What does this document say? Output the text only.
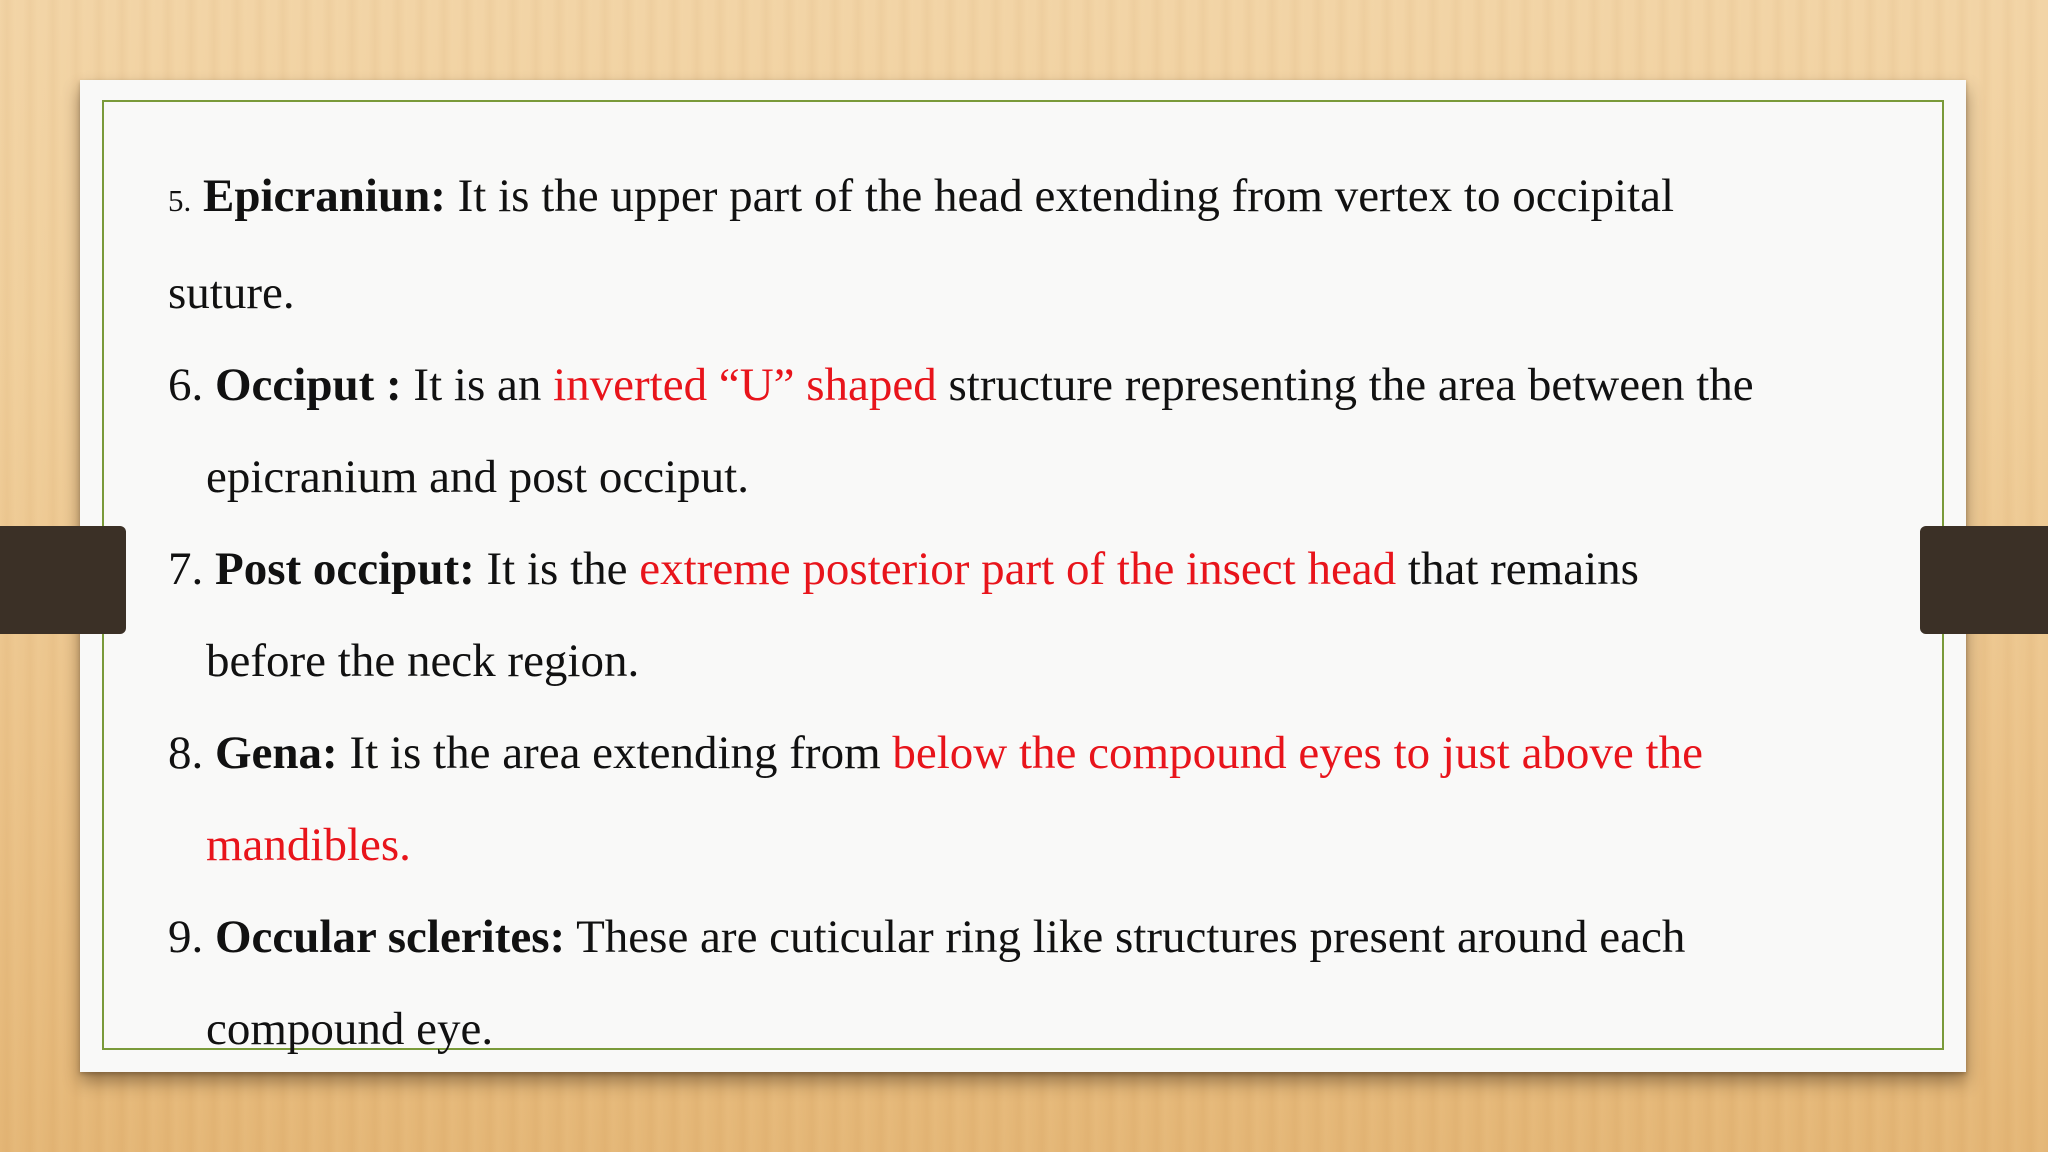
5. Epicraniun: It is the upper part of the head extending from vertex to occipital
suture.
6. Occiput : It is an inverted “U” shaped structure representing the area between the
epicranium and post occiput.
7. Post occiput: It is the extreme posterior part of the insect head that remains
before the neck region.
8. Gena: It is the area extending from below the compound eyes to just above the
mandibles.
9. Occular sclerites: These are cuticular ring like structures present around each
compound eye.
